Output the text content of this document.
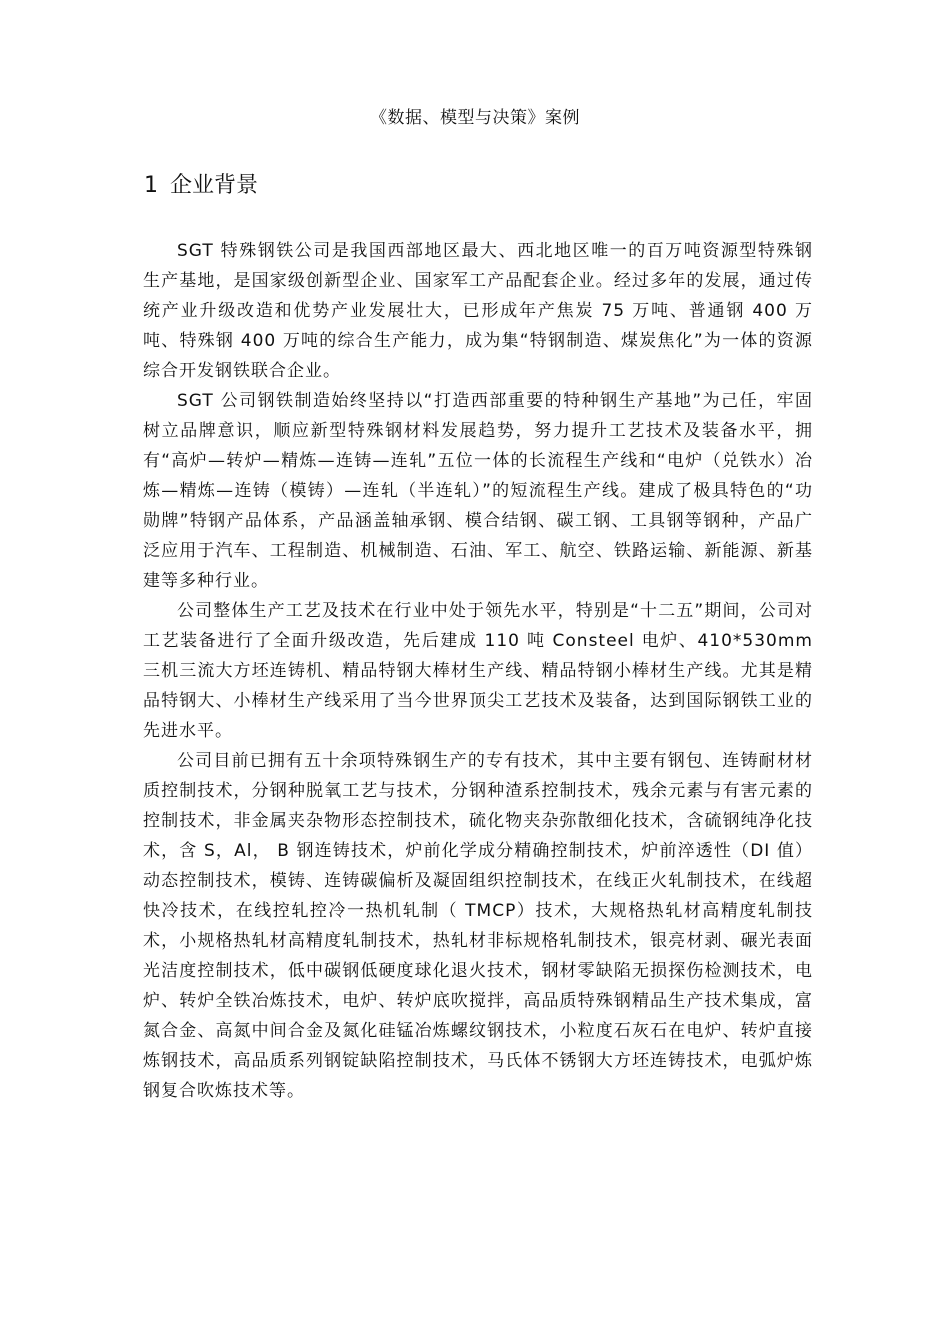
《数据、模型与决策》案例
1 企业背景

SGT 特殊钢铁公司是我国西部地区最大、西北地区唯一的百万吨资源型特殊钢生产基地，是国家级创新型企业、国家军工产品配套企业。经过多年的发展，通过传统产业升级改造和优势产业发展壮大，已形成年产焦炭 75 万吨、普通钢 400 万吨、特殊钢 400 万吨的综合生产能力，成为集“特钢制造、煤炭焦化”为一体的资源综合开发钢铁联合企业。

SGT 公司钢铁制造始终坚持以“打造西部重要的特种钢生产基地”为己任，牢固树立品牌意识，顺应新型特殊钢材料发展趋势，努力提升工艺技术及装备水平，拥有“高炉—转炉—精炼—连铸—连轧”五位一体的长流程生产线和“电炉（兑铁水）冶炼—精炼—连铸（模铸）—连轧（半连轧）”的短流程生产线。建成了极具特色的“功勋牌”特钢产品体系，产品涵盖轴承钢、模合结钢、碳工钢、工具钢等钢种，产品广泛应用于汽车、工程制造、机械制造、石油、军工、航空、铁路运输、新能源、新基建等多种行业。

公司整体生产工艺及技术在行业中处于领先水平，特别是“十二五”期间，公司对工艺装备进行了全面升级改造，先后建成 110 吨 Consteel 电炉、410*530mm 三机三流大方坯连铸机、精品特钢大棒材生产线、精品特钢小棒材生产线。尤其是精品特钢大、小棒材生产线采用了当今世界顶尖工艺技术及装备，达到国际钢铁工业的先进水平。

公司目前已拥有五十余项特殊钢生产的专有技术，其中主要有钢包、连铸耐材材质控制技术，分钢种脱氧工艺与技术，分钢种渣系控制技术，残余元素与有害元素的控制技术，非金属夹杂物形态控制技术，硫化物夹杂弥散细化技术，含硫钢纯净化技术，含 S，Al， B 钢连铸技术，炉前化学成分精确控制技术，炉前淬透性（DI 值）动态控制技术，模铸、连铸碳偏析及凝固组织控制技术，在线正火轧制技术，在线超快冷技术，在线控轧控冷一热机轧制（ TMCP）技术，大规格热轧材高精度轧制技术，小规格热轧材高精度轧制技术，热轧材非标规格轧制技术，银亮材剥、碾光表面光洁度控制技术，低中碳钢低硬度球化退火技术，钢材零缺陷无损探伤检测技术，电炉、转炉全铁冶炼技术，电炉、转炉底吹搅拌，高品质特殊钢精品生产技术集成，富氮合金、高氮中间合金及氮化硅锰冶炼螺纹钢技术，小粒度石灰石在电炉、转炉直接炼钢技术，高品质系列钢锭缺陷控制技术，马氏体不锈钢大方坯连铸技术，电弧炉炼钢复合吹炼技术等。
